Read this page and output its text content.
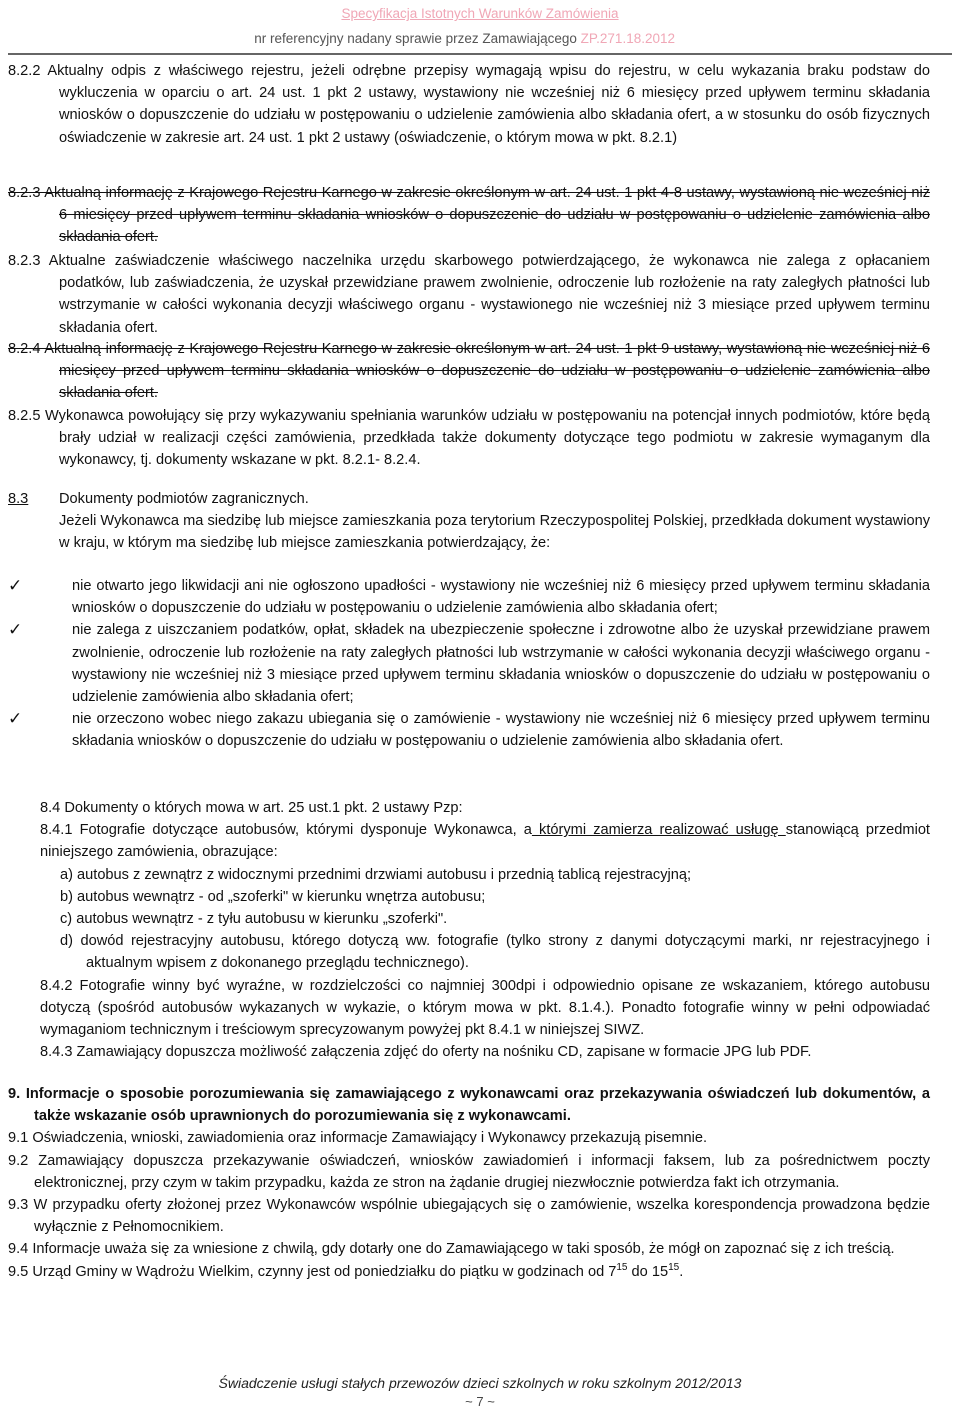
Specyfikacja Istotnych Warunków Zamówienia
nr referencyjny nadany sprawie przez Zamawiającego ZP.271.18.2012
8.2.2 Aktualny odpis z właściwego rejestru, jeżeli odrębne przepisy wymagają wpisu do rejestru, w celu wykazania braku podstaw do wykluczenia w oparciu o art. 24 ust. 1 pkt 2 ustawy, wystawiony nie wcześniej niż 6 miesięcy przed upływem terminu składania wniosków o dopuszczenie do udziału w postępowaniu o udzielenie zamówienia albo składania ofert, a w stosunku do osób fizycznych oświadczenie w zakresie art. 24 ust. 1 pkt 2 ustawy (oświadczenie, o którym mowa w pkt. 8.2.1)
8.2.3 Aktualną informację z Krajowego Rejestru Karnego w zakresie określonym w art. 24 ust. 1 pkt 4-8 ustawy, wystawioną nie wcześniej niż 6 miesięcy przed upływem terminu składania wniosków o dopuszczenie do udziału w postępowaniu o udzielenie zamówienia albo składania ofert.
8.2.3 Aktualne zaświadczenie właściwego naczelnika urzędu skarbowego potwierdzającego, że wykonawca nie zalega z opłacaniem podatków, lub zaświadczenia, że uzyskał przewidziane prawem zwolnienie, odroczenie lub rozłożenie na raty zaległych płatności lub wstrzymanie w całości wykonania decyzji właściwego organu - wystawionego nie wcześniej niż 3 miesiące przed upływem terminu składania ofert.
8.2.4 Aktualną informację z Krajowego Rejestru Karnego w zakresie określonym w art. 24 ust. 1 pkt 9 ustawy, wystawioną nie wcześniej niż 6 miesięcy przed upływem terminu składania wniosków o dopuszczenie do udziału w postępowaniu o udzielenie zamówienia albo składania ofert.
8.2.5 Wykonawca powołujący się przy wykazywaniu spełniania warunków udziału w postępowaniu na potencjał innych podmiotów, które będą brały udział w realizacji części zamówienia, przedkłada także dokumenty dotyczące tego podmiotu w zakresie wymaganym dla wykonawcy, tj. dokumenty wskazane w pkt. 8.2.1- 8.2.4.
8.3 Dokumenty podmiotów zagranicznych.
Jeżeli Wykonawca ma siedzibę lub miejsce zamieszkania poza terytorium Rzeczypospolitej Polskiej, przedkłada dokument wystawiony w kraju, w którym ma siedzibę lub miejsce zamieszkania potwierdzający, że:
✓	nie otwarto jego likwidacji ani nie ogłoszono upadłości - wystawiony nie wcześniej niż 6 miesięcy przed upływem terminu składania wniosków o dopuszczenie do udziału w postępowaniu o udzielenie zamówienia albo składania ofert;
✓	nie zalega z uiszczaniem podatków, opłat, składek na ubezpieczenie społeczne i zdrowotne albo że uzyskał przewidziane prawem zwolnienie, odroczenie lub rozłożenie na raty zaległych płatności lub wstrzymanie w całości wykonania decyzji właściwego organu - wystawiony nie wcześniej niż 3 miesiące przed upływem terminu składania wniosków o dopuszczenie do udziału w postępowaniu o udzielenie zamówienia albo składania ofert;
✓	nie orzeczono wobec niego zakazu ubiegania się o zamówienie - wystawiony nie wcześniej niż 6 miesięcy przed upływem terminu składania wniosków o dopuszczenie do udziału w postępowaniu o udzielenie zamówienia albo składania ofert.
8.4 Dokumenty o których mowa w art. 25 ust.1 pkt. 2 ustawy Pzp:
8.4.1 Fotografie dotyczące autobusów, którymi dysponuje Wykonawca, a którymi zamierza realizować usługę stanowiącą przedmiot niniejszego zamówienia, obrazujące:
a) autobus z zewnątrz z widocznymi przednimi drzwiami autobusu i przednią tablicą rejestracyjną;
b) autobus wewnątrz - od „szoferki" w kierunku wnętrza autobusu;
c) autobus wewnątrz - z tyłu autobusu w kierunku „szoferki".
d) dowód rejestracyjny autobusu, którego dotyczą ww. fotografie (tylko strony z danymi dotyczącymi marki, nr rejestracyjnego i aktualnym wpisem z dokonanego przeglądu technicznego).
8.4.2 Fotografie winny być wyraźne, w rozdzielczości co najmniej 300dpi i odpowiednio opisane ze wskazaniem, którego autobusu dotyczą (spośród autobusów wykazanych w wykazie, o którym mowa w pkt. 8.1.4.). Ponadto fotografie winny w pełni odpowiadać wymaganiom technicznym i treściowym sprecyzowanym powyżej pkt 8.4.1 w niniejszej SIWZ.
8.4.3 Zamawiający dopuszcza możliwość załączenia zdjęć do oferty na nośniku CD, zapisane w formacie JPG lub PDF.
9. Informacje o sposobie porozumiewania się zamawiającego z wykonawcami oraz przekazywania oświadczeń lub dokumentów, a także wskazanie osób uprawnionych do porozumiewania się z wykonawcami.
9.1 Oświadczenia, wnioski, zawiadomienia oraz informacje Zamawiający i Wykonawcy przekazują pisemnie.
9.2 Zamawiający dopuszcza przekazywanie oświadczeń, wniosków zawiadomień i informacji faksem, lub za pośrednictwem poczty elektronicznej, przy czym w takim przypadku, każda ze stron na żądanie drugiej niezwłocznie potwierdza fakt ich otrzymania.
9.3 W przypadku oferty złożonej przez Wykonawców wspólnie ubiegających się o zamówienie, wszelka korespondencja prowadzona będzie wyłącznie z Pełnomocnikiem.
9.4 Informacje uważa się za wniesione z chwilą, gdy dotarły one do Zamawiającego w taki sposób, że mógł on zapoznać się z ich treścią.
9.5 Urząd Gminy w Wądrożu Wielkim, czynny jest od poniedziałku do piątku w godzinach od $7^{15}$ do $15^{15}$.
Świadczenie usługi stałych przewozów dzieci szkolnych w roku szkolnym 2012/2013
~ 7 ~
